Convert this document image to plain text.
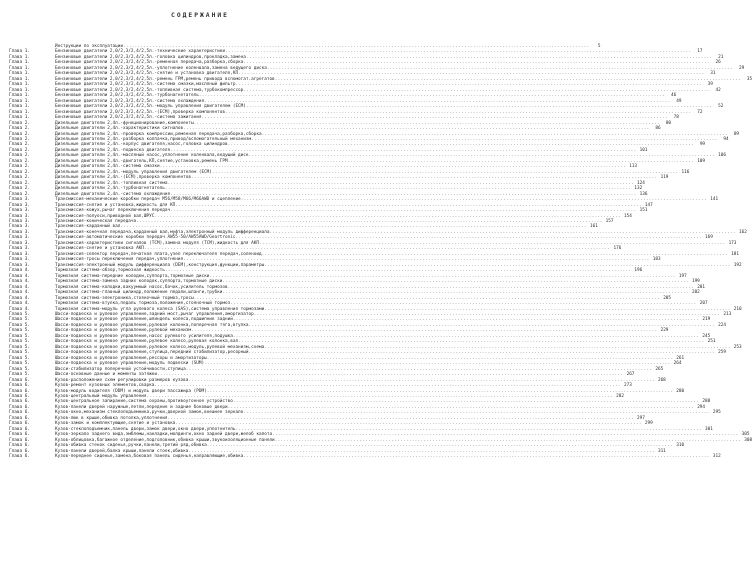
СОДЕРЖАНИЕ
Инструкции по эксплуатации .....	5
Глава 1.	Бензиновые двигатели 2,0/2,3/2,4/2,5л.-технические характеристики .....	17
Глава 1.	Бензиновые двигатели 2,0/2,3/2,4/2,5л.-головка цилиндров,прокладка,замена .....	21
Глава 1.	Бензиновые двигатели 2,0/2,3/2,4/2,5л.-ременная передача,разборка,сборка .....	26
Глава 1.	Бензиновые двигатели 2,0/2,3/2,4/2,5л.-уплотнение коленвала,замена ведущего диска .....	29
Глава 1.	Бензиновые двигатели 2,0/2,3/2,4/2,5л.-снятие и установка двигателя,КП .....	31
Глава 1.	Бензиновые двигатели 2,0/2,3/2,4/2,5л.-ремень ГРМ,ремень привода вспомогат.агрегатов .....	35
Глава 1.	Бензиновые двигатели 2,0/2,3/2,4/2,5л.-система смазки,масляный фильтр .....	39
Глава 1.	Бензиновые двигатели 2,0/2,3/2,4/2,5л.-топливная система,турбокомпрессор .....	42
Глава 1.	Бензиновые двигатели 2,0/2,3/2,4/2,5л.-турбонагнетатель .....	46
Глава 1.	Бензиновые двигатели 2,0/2,3/2,4/2,5л.-система охлаждения .....	49
Глава 1.	Бензиновые двигатели 2,0/2,3/2,4/2,5л.-модуль управления двигателем (ECM) .....	52
Глава 1.	Бензиновые двигатели 2,0/2,3/2,4/2,5л.-(ECM),проверка компонентов .....	72
Глава 1.	Бензиновые двигатели 2,0/2,3/2,4/2,5л.-система зажигания .....	78
Глава 2.	Дизельные двигатели 2,4л.-функционирование,компоненты .....	80
Глава 2.	Дизельные двигатели 2,4л.-характеристики сигналов .....	86
Глава 2.	Дизельные двигатели 2,4л.-проверка компрессии,ременная передача,разборка,сборка .....	89
Глава 2.	Дизельные двигатели 2,4л.-разборка колпачка,привод/вспомогательный механизм .....	94
Глава 2.	Дизельные двигатели 2,4л.-корпус двигателя,насос,головка цилиндров .....	99
Глава 2.	Дизельные двигатели 2,4л.-подвеска двигателя .....	101
Глава 2.	Дизельные двигатели 2,4л.-масляный насос,уплотнение коленвала,ведущий диск .....	106
Глава 2.	Дизельные двигатели 2,4л.-двигатель,КП,снятие,установка,ремень ГРМ .....	109
Глава 2.	Дизельные двигатели 2,4л.-система смазки .....	113
Глава 2.	Дизельные двигатели 2,4л.-модуль управления двигателем (ECM) .....	116
Глава 2.	Дизельные двигатели 2,4л.-(ECM),проверка компонентов .....	119
Глава 2.	Дизельные двигатели 2,4л.-топливная система .....	124
Глава 2.	Дизельные двигатели 2,4л.-турбонагнетатель .....	132
Глава 2.	Дизельные двигатели 2,4л.-система охлаждения .....	136
Глава 3.	Трансмиссия-механические коробки передач M56/M58/M66/M66AWD и сцепление .....	141
Глава 3.	Трансмиссия-снятие и установка,жидкость для КП .....	147
Глава 3.	Трансмиссия-кожух,рычаг переключения передач .....	151
Глава 3.	Трансмиссия-полуоси,приводной вал,ШРУС .....	154
Глава 3.	Трансмиссия-коническая передача .....	157
Глава 3.	Трансмиссия-карданный вал .....	161
Глава 3.	Трансмиссия-конечная передача,карданный вал,муфта,электронный модуль дифференциала .....	162
Глава 3.	Трансмиссия-автоматические коробки передач AW55-50/AW55AWD/Geartronic .....	169
Глава 3.	Трансмиссия-характеристики сигналов (TCM),замена модуля (TCM),жидкость для АКП .....	173
Глава 3.	Трансмиссия-снятие и установка АКП .....	176
Глава 3.	Трансмиссия-селектор передач,печатная плата,узел переключателя передач,соленоид .....	181
Глава 3.	Трансмиссия-тросы переключения передач,уплотнения .....	183
Глава 3.	Трансмиссия-электронный модуль дифференциала (DEM),конструкция,функции,параметры .....	192
Глава 4.	Тормозная система-обзор,тормозная жидкость .....	196
Глава 4.	Тормозная система-передние колодки,суппорта,тормозные диски .....	197
Глава 4.	Тормозная система-замена задних колодок,суппорта,тормозные диски .....	199
Глава 4.	Тормозная система-колодки,вакуумный насос,бачок,усилитель тормозов .....	201
Глава 4.	Тормозная система-главный цилиндр,положение педали,шланги,трубки .....	202
Глава 4.	Тормозная система-электроника,стояночный тормоз,тросы .....	205
Глава 4.	Тормозная система-втулка,педаль тормоза,положение,стояночный тормоз .....	207
Глава 4.	Тормозная система-модуль угла рулевого колеса (SAS),система управления тормозами .....	210
Глава 5.	Шасси-подвеска и рулевое управление,задний мост,рычаг управления,амортизатор .....	213
Глава 5.	Шасси-подвеска и рулевое управление,шпиндель колеса,подшипник задний .....	219
Глава 5.	Шасси-подвеска и рулевое управление,рулевая колонка,поперечная тяга,втулка .....	224
Глава 5.	Шасси-подвеска и рулевое управление,рулевой механизм .....	229
Глава 5.	Шасси-подвеска и рулевое управление,насос рулевого усилителя,подушка .....	245
Глава 5.	Шасси-подвеска и рулевое управление,рулевое колесо,рулевая колонка,вал .....	251
Глава 5.	Шасси-подвеска и рулевое управление,рулевое колесо,модуль,рулевой механизм,схема .....	253
Глава 5.	Шасси-подвеска и рулевое управление,ступица,передний стабилизатор,ресорный .....	259
Глава 5.	Шасси-подвеска и рулевое управление,рессоры и амортизаторы .....	261
Глава 5.	Шасси-подвеска и рулевое управление,модуль подвески (SUM) .....	264
Глава 5.	Шасси-стабилизатор поперечной устойчивости,ступица .....	265
Глава 5.	Шасси-основные данные и моменты затяжки .....	267
Глава 6.	Кузов-расположение схем регулировки размеров кузова .....	268
Глава 6.	Кузов-ремонт кузовных элементов,сварка .....	273
Глава 6.	Кузов-модуль водителя (DDM) и модуль двери пассажира (PDM) .....	280
Глава 6.	Кузов-центральный модуль управления .....	282
Глава 6.	Кузов-центральное запирание,система охраны,противоугонное устройство .....	288
Глава 6.	Кузов-панели дверей наружные,петли,передние и задние боковые двери .....	294
Глава 6.	Кузов-окно,механизм стеклоподъемника,ручки,дверной замок,внешнее зеркало .....	295
Глава 6.	Кузов-люк в крыше,обивка потолка,уплотнения .....	297
Глава 6.	Кузов-замок и комплектующие,снятие и установка .....	299
Глава 6.	Кузов-стеклоподъемник,панель двери,замок двери,окно двери,уплотнитель .....	301
Глава 6.	Кузов-зеркало заднего вида,эмблемы,накладки,молдинги,окно задней двери,желоб капота .....	305
Глава 6.	Кузов-облицовка,багажное отделение,подголовник,обивка крыши,звукоизоляционные панели .....	308
Глава 6.	Кузов-обивка стенок сиденья,ручки,панели,третий ряд,обивка .....	310
Глава 6.	Кузов-панели дверей,балка крыши,панели стоек,обивка .....	311
Глава 6.	Кузов-переднее сиденье,замена,боковая панель сиденья,направляющие,обивка .....	312
